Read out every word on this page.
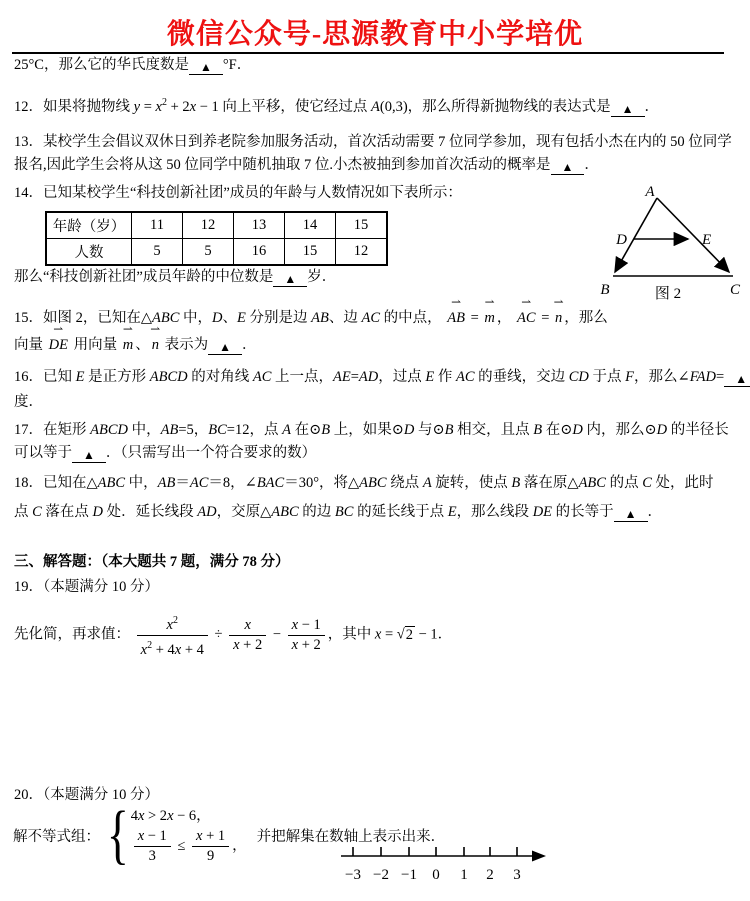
微信公众号-思源教育中小学培优
25°C，那么它的华氏度数是 ▲ °F．
12．如果将抛物线 $y = x^2 + 2x - 1$ 向上平移，使它经过点 A(0,3)，那么所得新抛物线的表达式是 ▲ ．
13．某校学生会倡议双休日到养老院参加服务活动，首次活动需要 7 位同学参加，现有包括小杰在内的 50 位同学
报名,因此学生会将从这 50 位同学中随机抽取 7 位.小杰被抽到参加首次活动的概率是 ▲ ．
14．已知某校学生“科技创新社团”成员的年龄与人数情况如下表所示：
年龄（岁）	11	12	13	14	15
人数	5	5	16	15	12
A
B	C
D	E
图 2
那么“科技创新社团”成员年龄的中位数是 ▲ 岁．
15．如图 2，已知在△ABC 中，D、E 分别是边 AB、边 AC 的中点， AB ⇀ = m ⇀ ， AC ⇀ = n ⇀ ，那么
向量 DE ⇀ 用向量 m ⇀ 、 n ⇀ 表示为 ▲ ．
16．已知 E 是正方形 ABCD 的对角线 AC 上一点，AE=AD，过点 E 作 AC 的垂线，交边 CD 于点 F，那么∠FAD= ▲
度．
17．在矩形 ABCD 中，AB=5，BC=12，点 A 在⊙B 上，如果⊙D 与⊙B 相交，且点 B 在⊙D 内，那么⊙D 的半径长
可以等于 ▲ ．（只需写出一个符合要求的数）
18．已知在△ABC 中，AB＝AC＝8，∠BAC＝30°，将△ABC 绕点 A 旋转，使点 B 落在原△ABC 的点 C 处，此时
点 C 落在点 D 处．延长线段 AD，交原△ABC 的边 BC 的延长线于点 E，那么线段 DE 的长等于 ▲ ．
三、解答题：（本大题共 7 题，满分 78 分）
19．（本题满分 10 分）
先化简，再求值： $\frac{x^2}{x^2 + 4x + 4} \div \frac{x}{x + 2} - \frac{x - 1}{x + 2}$ ，其中 x = √2 − 1．
20．（本题满分 10 分）
解不等式组： { 4x > 2x − 6，
$\frac{x - 1}{3} \le \frac{x + 1}{9}$ ，
并把解集在数轴上表示出来．
−3 −2 −1 0 1 2 3
